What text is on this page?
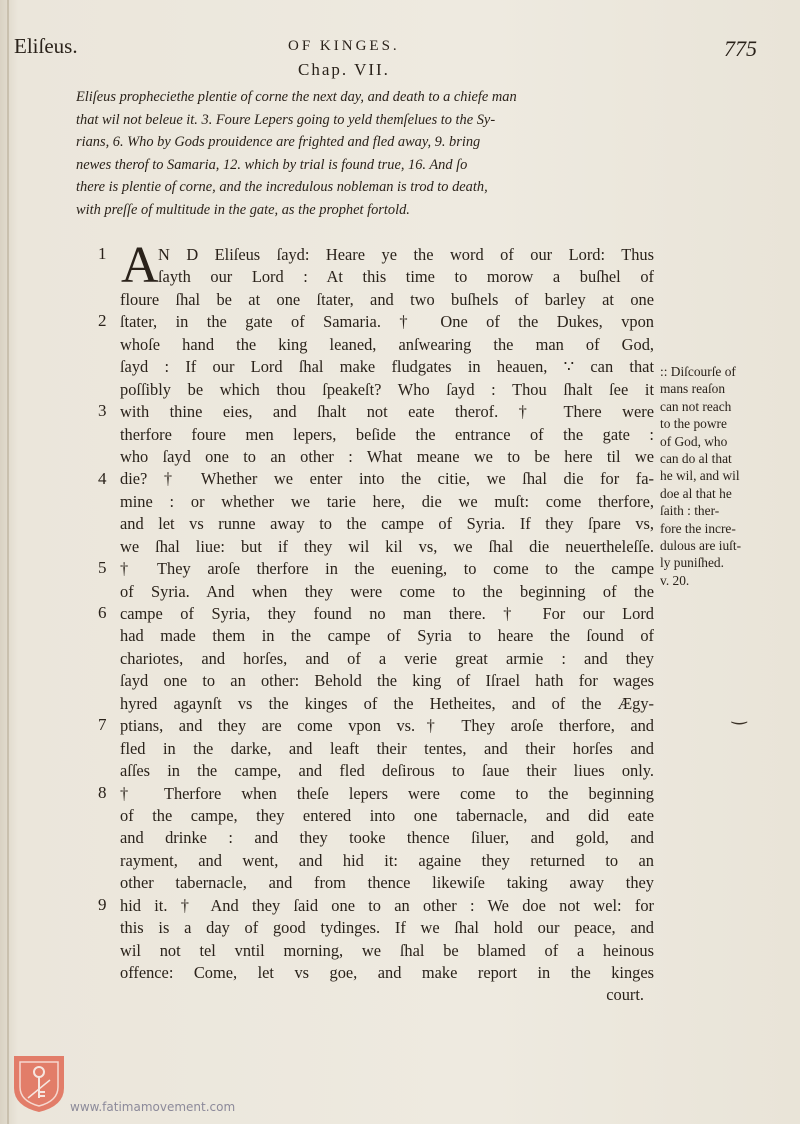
Eliſeus.	OF KINGES.	775
Chap. VII.
Eliſeus propheciethe plentie of corne the next day, and death to a chiefe man
that wil not beleue it. 3. Foure Lepers going to yeld themſelues to the Sy-
rians, 6. Who by Gods prouidence are frighted and fled away, 9. bring
newes therof to Samaria, 12. which by trial is found true, 16. And ſo
there is plentie of corne, and the incredulous nobleman is trod to death,
with preſſe of multitude in the gate, as the prophet fortold.
A
1
2
3
4
5
6
7
8
9
N D Eliſeus ſayd: Heare ye the word of our Lord: Thus
ſayth our Lord : At this time to morow a buſhel of
floure ſhal be at one ſtater, and two buſhels of barley at one
ſtater, in the gate of Samaria. † One of the Dukes, vpon
whoſe hand the king leaned, anſwearing the man of God,
ſayd : If our Lord ſhal make fludgates in heauen, ∵ can that
poſſibly be which thou ſpeakeſt? Who ſayd : Thou ſhalt ſee it
with thine eies, and ſhalt not eate therof. † There were
therfore foure men lepers, beſide the entrance of the gate :
who ſayd one to an other : What meane we to be here til we
die? † Whether we enter into the citie, we ſhal die for fa-
mine : or whether we tarie here, die we muſt: come therfore,
and let vs runne away to the campe of Syria. If they ſpare vs,
we ſhal liue: but if they wil kil vs, we ſhal die neuertheleſſe.
† They aroſe therfore in the euening, to come to the campe
of Syria. And when they were come to the beginning of the
campe of Syria, they found no man there. † For our Lord
had made them in the campe of Syria to heare the ſound of
chariotes, and horſes, and of a verie great armie : and they
ſayd one to an other: Behold the king of Iſrael hath for wages
hyred agaynſt vs the kinges of the Hetheites, and of the Ægy-
ptians, and they are come vpon vs.† They aroſe therfore, and
fled in the darke, and leaft their tentes, and their horſes and
aſſes in the campe, and fled deſirous to ſaue their liues only.
† Therfore when theſe lepers were come to the beginning
of the campe, they entered into one tabernacle, and did eate
and drinke : and they tooke thence ſiluer, and gold, and
rayment, and went, and hid it: againe they returned to an
other tabernacle, and from thence likewiſe taking away they
hid it. † And they ſaid one to an other : We doe not wel: for
this is a day of good tydinges. If we ſhal hold our peace, and
wil not tel vntil morning, we ſhal be blamed of a heinous
offence: Come, let vs goe, and make report in the kinges
court.
:: Diſcourſe of
mans reaſon
can not reach
to the powre
of God, who
can do al that
he wil, and wil
doe al that he
ſaith : ther-
fore the incre-
dulous are iuſt-
ly puniſhed.
v. 20.
‿
www.fatimamovement.com
